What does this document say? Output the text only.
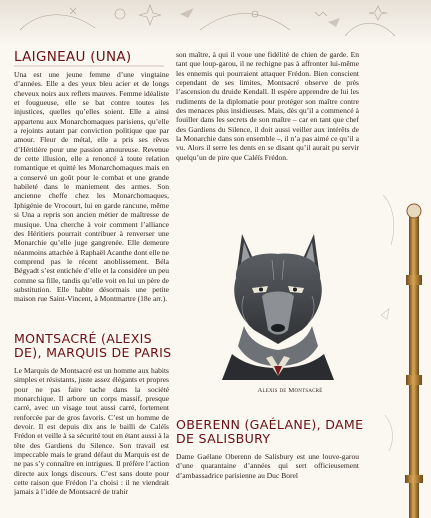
LAIGNEAU (UNA)

Una est une jeune femme d’une vingtaine d’années. Elle a des yeux bleu acier et de longs cheveux noirs aux reflets mauves. Femme idéaliste et fougueuse, elle se bat contre toutes les injustices, quelles qu’elles soient. Elle a ainsi appartenu aux Monarchomaques parisiens, qu’elle a rejoints autant par conviction politique que par amour. Fleur de métal, elle a pris ses rêves d’Héritière pour une passion amoureuse. Revenue de cette illusion, elle a renoncé à toute relation romantique et quitté les Monarchomaques mais en a conservé un goût pour le combat et une grande habileté dans le maniement des armes. Son ancienne cheffe chez les Monarchomaques, Iphigénie de Vrocourt, lui en garde rancune, même si Una a repris son ancien métier de maîtresse de musique. Una cherche à voir comment l’alliance des Héritiers pourrait contribuer à renverser une Monarchie qu’elle juge gangrenée. Elle demeure néanmoins attachée à Raphaël Acanthe dont elle ne comprend pas le récent anoblissement. Béla Bégyadt s’est entichée d’elle et la considère un peu comme sa fille, tandis qu’elle voit en lui un père de substitution. Elle habite désormais une petite maison rue Saint-Vincent, à Montmartre (18e arr.).

MONTSACRÉ (ALEXIS DE), MARQUIS DE PARIS

Le Marquis de Montsacré est un homme aux habits simples et résistants, juste assez élégants et propres pour ne pas faire tache dans la société monarchique. Il arbore un corps massif, presque carré, avec un visage tout aussi carré, fortement renforcée par de gros favoris. C’est un homme de devoir. Il est depuis dix ans le bailli de Caléïs Frédon et veille à sa sécurité tout en étant aussi à la tête des Gardiens du Silence. Son travail est impeccable mais le grand défaut du Marquis est de ne pas s’y connaître en intrigues. Il préfère l’action directe aux longs discours. C’est sans doute pour cette raison que Frédon l’a choisi : il ne viendrait jamais à l’idée de Montsacré de trahir

son maître, à qui il voue une fidélité de chien de garde. En tant que loup-garou, il ne rechigne pas à affronter lui-même les ennemis qui pourraient attaquer Frédon. Bien conscient cependant de ses limites, Montsacré observe de près l’ascension du druide Kendall. Il espère apprendre de lui les rudiments de la diplomatie pour protéger son maître contre des menaces plus insidieuses. Mais, dès qu’il a commencé à fouiller dans les secrets de son maître – car en tant que chef des Gardiens du Silence, il doit aussi veiller aux intérêts de la Monarchie dans son ensemble –, il n’a pas aimé ce qu’il a vu. Alors il serre les dents en se disant qu’il aurait pu servir quelqu’un de pire que Caléïs Frédon.

Alexis de Montsacré
OBERENN (GAÉLANE), DAME DE SALISBURY

Dame Gaélane Oberenn de Salisbury est une louve-garou d’une quarantaine d’années qui sert officieusement d’ambassadrice parisienne au Duc Borel
